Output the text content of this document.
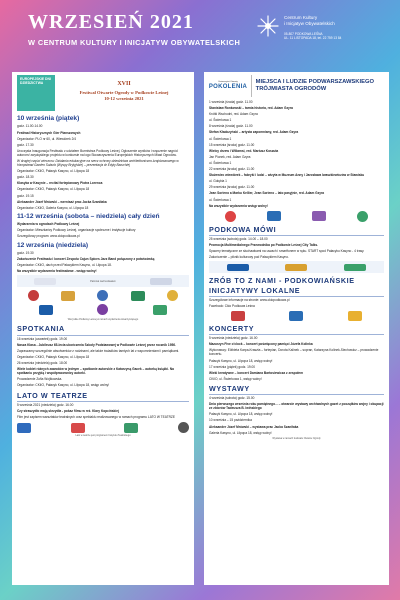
WRZESIEŃ 2021
W CENTRUM KULTURY I INICJATYW OBYWATELSKICH
Centrum Kultury
i Inicjatyw Obywatelskich
05-807 PODKOWA LEŚNA
UL. 11 LISTOPADA 18, tel. 22 759 13 84
EUROPEJSKIE DNI DZIEDZICTWA	XVII
Festiwal Otwarte Ogrody w Podkowie Leśnej
10-12 września 2021
10 września (piątek)
godz. 11.00-14.00
Festiwal Historycznych Gier Planszowych
Organizator: PLO nr 60, ul. Wiewiórek 2/4
godz. 17.30
Uroczysta Inauguracja Festiwalu z udziałem Burmistrza Podkowy Leśnej. Ogłoszenie wyników i wręczenie nagród autorom/ zwycięskiego projektu w konkursie na logo Stowarzyszenia Europejskich Historycznych Miast Ogrodów.
W drugiej części wieczoru: Działania edukacyjne na rzecz ochrony dziedzictwa architektoniczno-krajobrazowego w Hampstead Garden Suburb (Wyspy Brytyjskie) – prezentacja dr Edyty Baruchiej
Organizator: CKiIO, Pałacyk Kasyno, ul. Lilpopa 18
godz. 18.30
Klasyka w Kasynie – recital fortepianowy Piotra Lorenca
Organizator: CKiIO, Pałacyk Kasyno, ul. Lilpopa 18
godz. 19.15
Aleksander Józef Mrówski – wernisaż prac Jacka Szaniłaka
Organizator: CKiIO, Galeria Kasyno, ul. Lilpopa 18
11-12 września (sobota – niedziela) cały dzień
Wydarzenia w ogrodach Podkowy Leśnej
Organizator: Mieszkańcy Podkowy Leśnej, organizacje społeczne i instytucje kultury
Szczegółowy program: www.ckiopodkowa.pl
12 września (niedziela)
godz. 19.30
Zakończenie Festiwalu i koncert Zespołu Cajun Spices Jazz Band połączony z potańcówką
Organizator: CKiIO, dach przed Pałacykiem Kasyno, ul. Lilpopa 18.
Na wszystkie wydarzenia festiwalowe - wstęp wolny!
Patronat nad festiwalem
Wszystkie Podkowy Leśnej w ramach wydarzenia towarzyszącego
SPOTKANIA
16 września (czwartek) godz. 19.00
Nasza Klasa - Jubileusz 65-lecia ukończenia Szkoły Podstawowej w Podkowie Leśnej przez rocznik 1956.
Zapraszamy szczególnie absolwentów z rodzinami, ale także świadków tamtych lat z wspomnieniami i pamiątkami.
Organizator: CKiIO, Pałacyk Kasyno, ul. Lilpopa 18
26 września (niedziela) godz. 18.00
Wiele kobiet różnych zawodów w jednym – spotkanie autorskie z Katarzyną Gacek – autorką książki. Na spotkaniu przyjdą i współpracownicy autorki.
Prowadzenie Zofia Wojtkowska.
Organizator: CKiIO, Pałacyk Kasyno, ul. Lilpopa 18, wstęp wolny!
LATO W TEATRZE
5 września 2021 (niedziela) godz. 16.00
Czy straszydło mają skrzydła - pokaz filmu w reż. Klary Kopcińskiej
Film jest zapisem warsztatów teatralnych oraz spektaklu realizowanego w ramach programu LATO W TEATRZE
Lato w teatrze jest programem Instytutu Teatralnego
Uniwersytet Otwarty
POKOLENIA
MIEJSCA I LUDZIE PODWARSZAWSKIEGO TRÓJMIASTA OGRODÓW
1 września (środa) godz. 11.00
Stanisław Ronkowski – tamta historia, red. Adam Gzyra
Krótki Wschodni, red. Adam Gzyra
ul. Świerkowa 1
8 września (środa) godz. 11.00
Stefan Kładczyński – artysta zapomniany, red. Adam Gzyra
ul. Świerkowa 1
15 września (środa) godz. 11.00
Wielcy drzew i Wiliamsi, red. Mariusz Koszuta
Jan Pionek, red. Adam Gzyra
ul. Świerkowa 1
22 września (środa) godz. 11.00
Służewiec wiewiórek – fabryki i ludzi – wizyta w Muzeum Anny i Jarosława Iwaszkiewiczów w Stawisku
ul. Gołębia 1
29 września (środa) godz. 11.00
Jean Sorieno a Marku Kellier, Jean Sorieno – lato pasyjnie, red. Adam Gzyra
ul. Świerkowa 1
Na wszystkie wydarzenia wstęp wolny!
PODKOWA MÓWI
25 września (sobota) godz. 14.00 – 18.00
Promocja Multimedialnego Przewodnika po Podkowie Leśnej City Talks.
Spacery tematyczne ze słuchawkami na uszach i smartfonem w ręku. START spod Pałacyku Kasyno - 4 trasy.
Zakończenie – piknik kulturowy pod Pałacykiem Kasyno.
ZRÓB TO Z NAMI - PODKOWIAŃSKIE INICJATYWY LOKALNE
Szczegółowe informacje na stronie: www.ckiopodkowa.pl
Facebook: Ckio Podkowa Leśna
KONCERTY
5 września (niedziela) godz. 16.00
Mazurzyn Five o'clock – koncert poświęcony pamięci Józefa Kolinka
Wykonawcy: Elżbieta Karpa-Kraszta – fortepian, Dorota Kalinek – sopran, Katarzyna Kolinek-Siechowicz – prowadzenie koncertu.
Pałacyk Kasyno, ul. Lilpopa 18, wstęp wolny!
17 września (piątek) godz. 19.00
Wieki kreatywne – koncert Damiana Bartosiewicza z zespołem
CKiIO, ul. Świerkowa 1, wstęp wolny!
WYSTAWY
4 września (sobota) godz. 15.00
Dnia pierwszego września roku pamiętnego... – otwarcie wystawy archiwalnych gazet z początków wojny i okupacji ze zbiorów Tadeusza B. Iwińskiego
Pałacyk Kasyno, ul. Lilpopa 18, wstęp wolny!
10 września – 15 października
Aleksander Józef Mrówski – wystawa prac Jacka Szaniłaka
Galeria Kasyno, ul. Lilpopa 18, wstęp wolny!
Wystawa w ramach festiwalu Otwarte Ogrody
